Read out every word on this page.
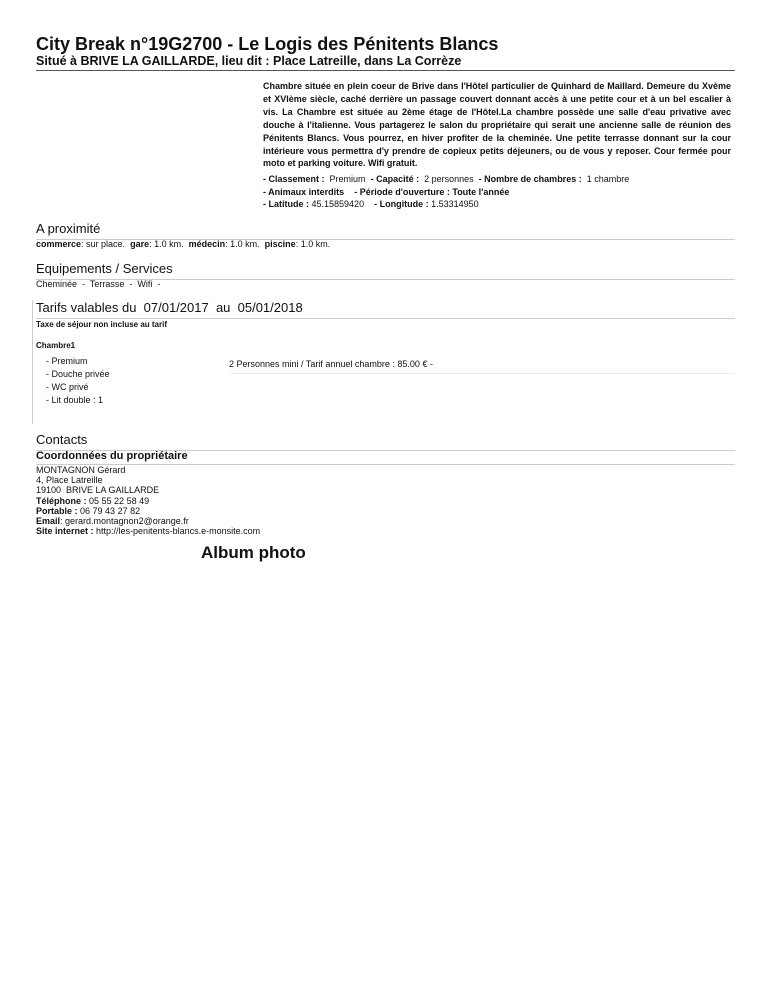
City Break n°19G2700 - Le Logis des Pénitents Blancs
Situé à BRIVE LA GAILLARDE, lieu dit : Place Latreille, dans La Corrèze
Chambre située en plein coeur de Brive dans l'Hôtel particulier de Quinhard de Maillard. Demeure du Xvème et XVIème siècle, caché derrière un passage couvert donnant accès à une petite cour et à un bel escalier à vis. La Chambre est située au 2ème étage de l'Hôtel.La chambre possède une salle d'eau privative avec douche à l'italienne. Vous partagerez le salon du propriétaire qui serait une ancienne salle de réunion des Pénitents Blancs. Vous pourrez, en hiver profiter de la cheminée. Une petite terrasse donnant sur la cour intérieure vous permettra d'y prendre de copieux petits déjeuners, ou de vous y reposer. Cour fermée pour moto et parking voiture. Wifi gratuit.
- Classement : Premium - Capacité : 2 personnes - Nombre de chambres : 1 chambre
- Animaux interdits - Période d'ouverture : Toute l'année
- Latitude : 45.15859420 - Longitude : 1.53314950
A proximité
commerce: sur place. gare: 1.0 km. médecin: 1.0 km. piscine: 1.0 km.
Equipements / Services
Cheminée  -  Terrasse  -  Wifi  -
Tarifs valables du  07/01/2017  au  05/01/2018
Taxe de séjour non incluse au tarif
Chambre1
- Premium
- Douche privée
- WC privé
- Lit double : 1
2 Personnes mini / Tarif annuel chambre : 85.00 € -
Contacts
Coordonnées du propriétaire
MONTAGNON Gérard
4, Place Latreille
19100  BRIVE LA GAILLARDE
Téléphone : 05 55 22 58 49
Portable : 06 79 43 27 82
Email: gerard.montagnon2@orange.fr
Site internet : http://les-penitents-blancs.e-monsite.com
Album photo
